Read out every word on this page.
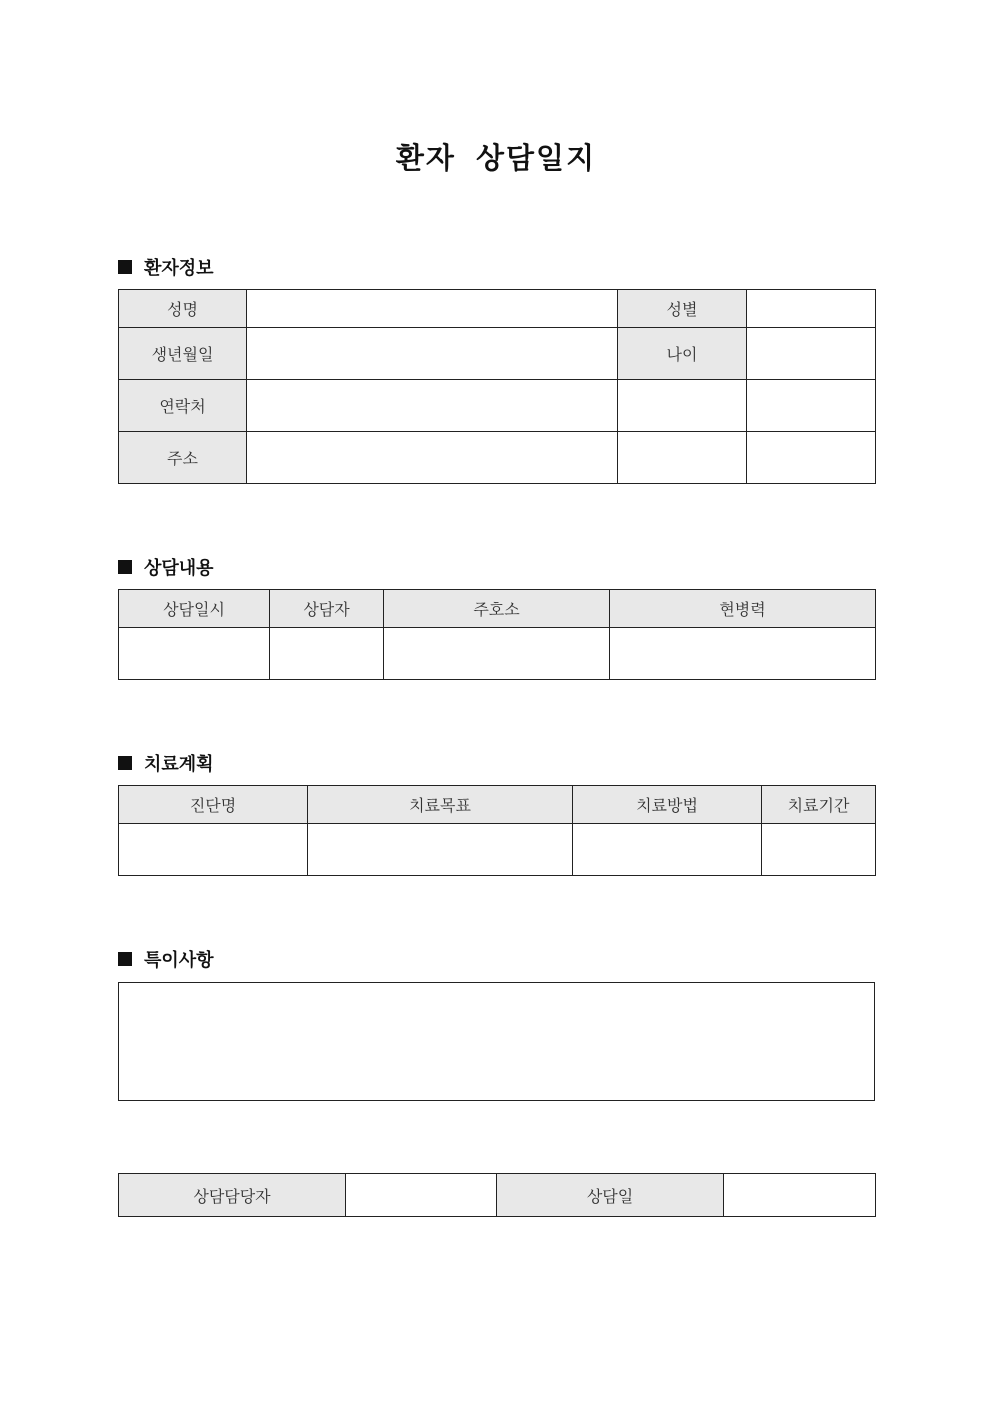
환자 상담일지
환자정보
성명		성별	
생년월일		나이	
연락처			
주소			
상담내용
상담일시	상담자	주호소	현병력

치료계획
진단명	치료목표	치료방법	치료기간

특이사항
상담담당자		상담일	
